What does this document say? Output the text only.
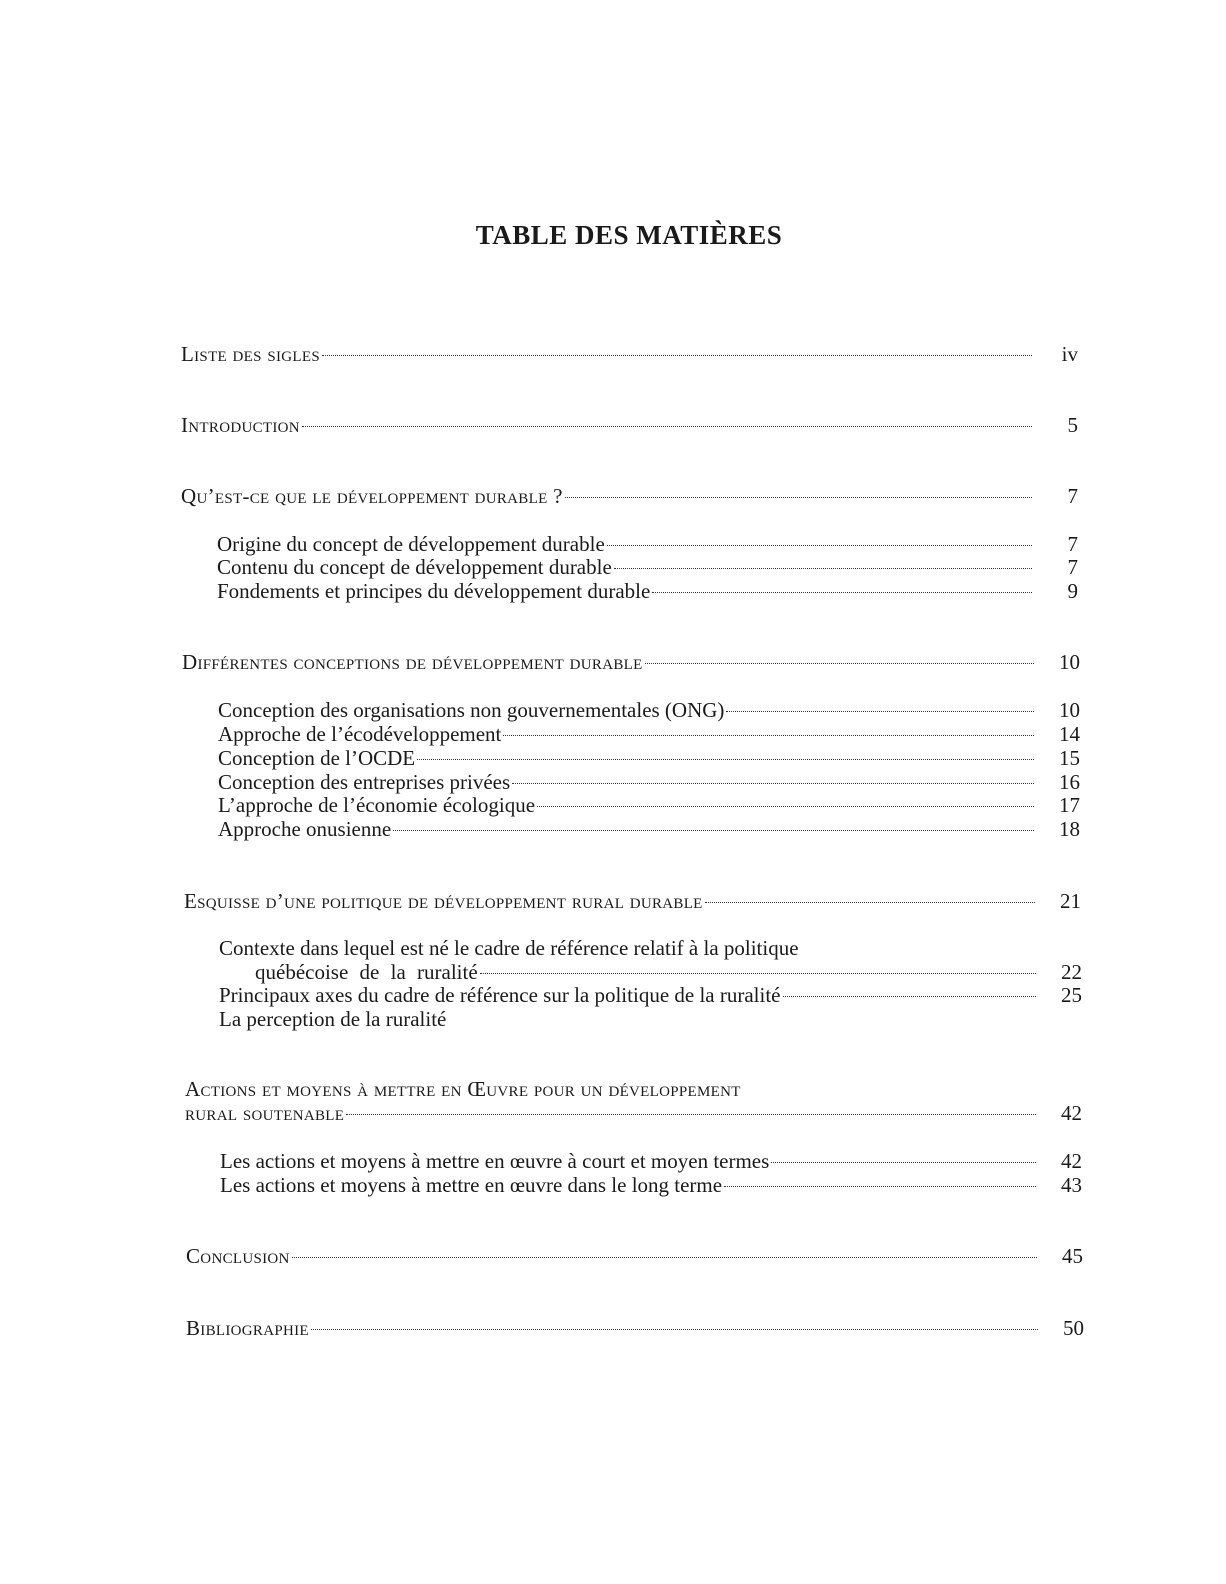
TABLE DES MATIÈRES
Liste des sigles	iv
Introduction	5
Qu’est-ce que le développement durable ?	7
Origine du concept de développement durable	7
Contenu du concept de développement durable	7
Fondements et principes du développement durable	9
Différentes conceptions de développement durable	10
Conception des organisations non gouvernementales (ONG)	10
Approche de l’écodéveloppement	14
Conception de l’OCDE	15
Conception des entreprises privées	16
L’approche de l’économie écologique	17
Approche onusienne	18
Esquisse d’une politique de développement rural durable	21
Contexte dans lequel est né le cadre de référence relatif à la politique
québécoise de la ruralité	22
Principaux axes du cadre de référence sur la politique de la ruralité	25
La perception de la ruralité
Actions et moyens à mettre en Œuvre pour un développement
rural soutenable	42
Les actions et moyens à mettre en œuvre à court et moyen termes	42
Les actions et moyens à mettre en œuvre dans le long terme	43
Conclusion	45
Bibliographie	50
